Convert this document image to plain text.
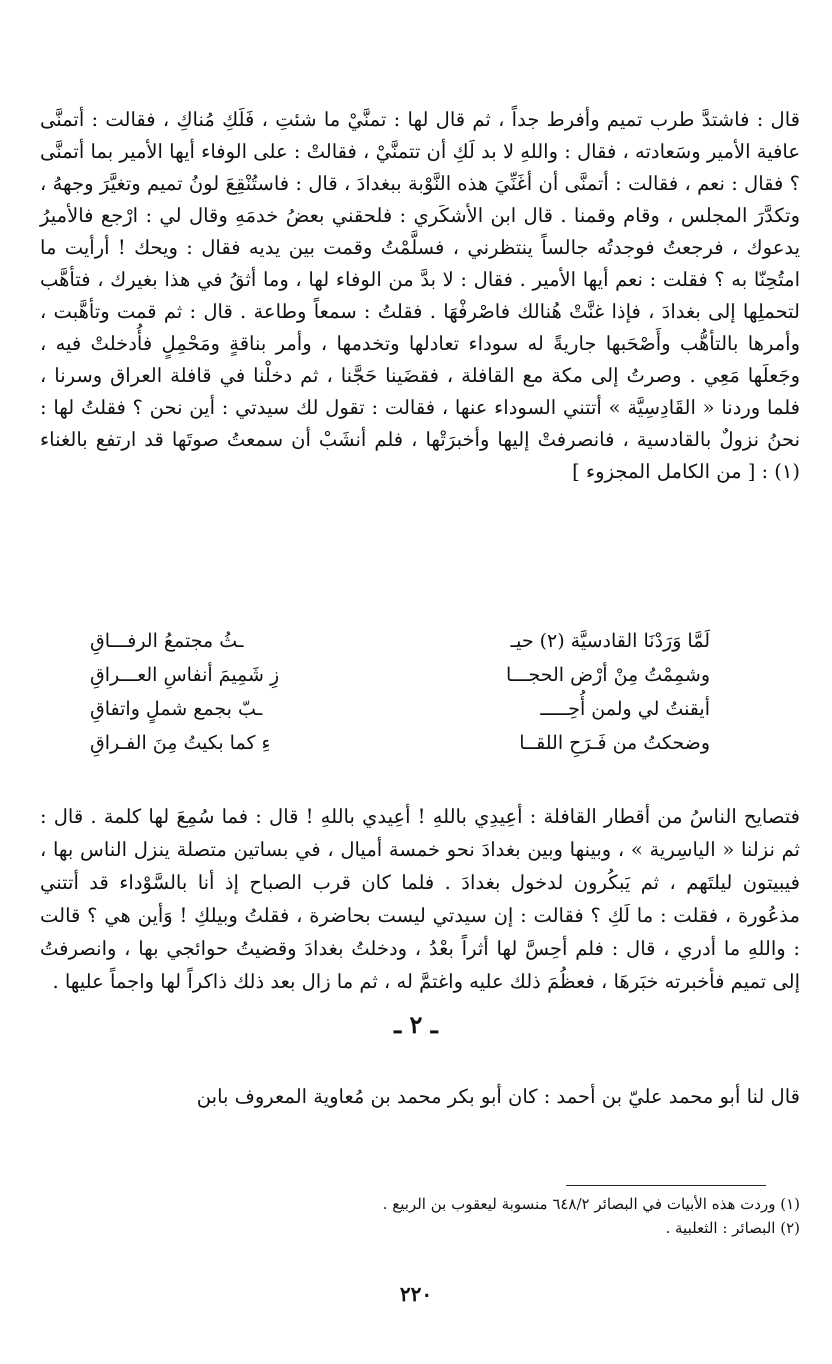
قال : فاشتدَّ طرب تميم وأفرط جداً ، ثم قال لها : تمنَّيْ ما شئتِ ، فَلَكِ مُناكِ ، فقالت : أتمنَّى عافية الأمير وسَعادته ، فقال : واللهِ لا بد لَكِ أن تتمنَّيْ ، فقالتْ : على الوفاء أيها الأمير بما أتمنَّى ؟ فقال : نعم ، فقالت : أتمنَّى أن أغَنِّيَ هذه النَّوْبة ببغدادَ ، قال : فاستُنْقِعَ لونُ تميم وتغيَّرَ وجههُ ، وتكدَّرَ المجلس ، وقام وقمنا . قال ابن الأشكَري : فلحقني بعضُ خدمَهِ وقال لي : ارْجع فالأميرُ يدعوك ، فرجعتُ فوجدتُه جالساً ينتظرني ، فسلَّمْتُ وقمت بين يديه فقال : ويحك ! أرأيت ما امتُحِنّا به ؟ فقلت : نعم أيها الأمير . فقال : لا بدَّ من الوفاء لها ، وما أثقُ في هذا بغيرك ، فتأهَّب لتحملِها إلى بغدادَ ، فإذا غنَّتْ هُنالك فاصْرفْهَا . فقلتُ : سمعاً وطاعة . قال : ثم قمت وتأهَّبت ، وأمرها بالتأهُّب وأَصْحَبها جاريةً له سوداء تعادلها وتخدمها ، وأمر بناقةٍ ومَحْمِلٍ فأُدخلتْ فيه ، وجَعلَها مَعِي . وصرتُ إلى مكة مع القافلة ، فقضَينا حَجَّنا ، ثم دخلْنا في قافلة العراق وسرنا ، فلما وردنا « القَادِسِيَّة » أتتني السوداء عنها ، فقالت : تقول لك سيدتي : أين نحن ؟ فقلتُ لها : نحنُ نزولٌ بالقادسية ، فانصرفتْ إليها وأخبرَتْها ، فلم أنشَبْ أن سمعتُ صوتَها قد ارتفع بالغناء (١) : [ من الكامل المجزوء ]

لَمَّا وَرَدْنَا القادسيَّة (٢) حيـ
ـثُ مجتمعُ الرفـــاقِ
وشمِمْتُ مِنْ أرْض الحجـــا
زِ شَمِيمَ أنفاسِ العـــراقِ
أيقنتُ لي ولمن أُحِـــــ
ـبّ بجمع شملٍ واتفاقِ
وضحكتُ من فَـرَحِ اللقــا
ءِ كما بكيتُ مِنَ الفـراقِ

فتصايح الناسُ من أقطار القافلة : أعِيدِي باللهِ ! أعِيدي باللهِ ! قال : فما سُمِعَ لها كلمة . قال : ثم نزلنا « الياسِرية » ، وبينها وبين بغدادَ نحو خمسة أميال ، في بساتين متصلة ينزل الناس بها ، فيبيتون ليلتَهم ، ثم يَبكُرون لدخول بغدادَ . فلما كان قرب الصباح إذ أنا بالسَّوْداء قد أتتني مذعُورة ، فقلت : ما لَكِ ؟ فقالت : إن سيدتي ليست بحاضرة ، فقلتُ وبيلكِ ! وَأين هي ؟ قالت : واللهِ ما أدري ، قال : فلم أحِسَّ لها أثراً بعْدُ ، ودخلتُ بغدادَ وقضيتُ حوائجي بها ، وانصرفتُ إلى تميم فأخبرته خبَرهَا ، فعظُمَ ذلك عليه واغتمَّ له ، ثم ما زال بعد ذلك ذاكراً لها واجماً عليها .

ـ ٢ ـ

قال لنا أبو محمد عليّ بن أحمد : كان أبو بكر محمد بن مُعاوية المعروف بابن

(١) وردت هذه الأبيات في البصائر ٦٤٨/٢ منسوبة ليعقوب بن الربيع .
(٢) البصائر : الثعلبية .
٢٢٠
